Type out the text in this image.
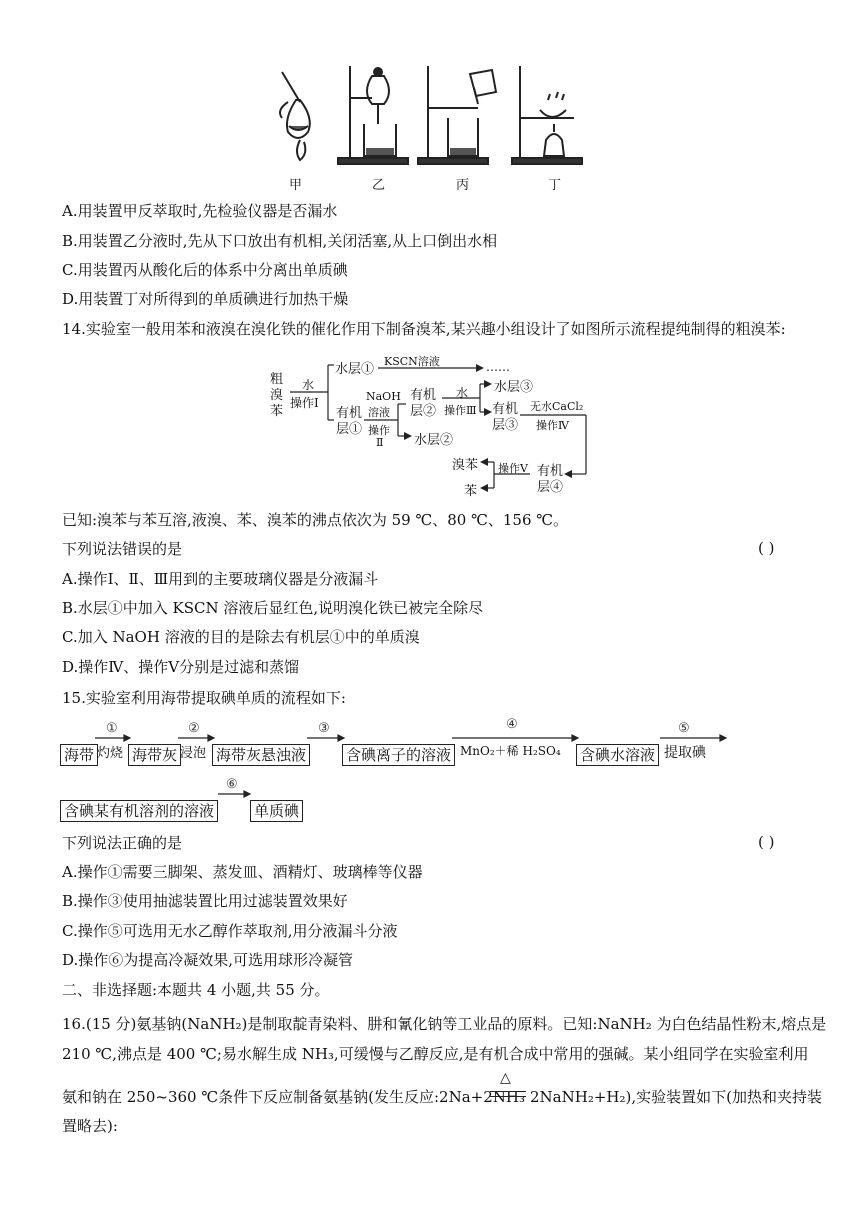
甲	乙	丙	丁
A.用装置甲反萃取时,先检验仪器是否漏水
B.用装置乙分液时,先从下口放出有机相,关闭活塞,从上口倒出水相
C.用装置丙从酸化后的体系中分离出单质碘
D.用装置丁对所得到的单质碘进行加热干燥
14.实验室一般用苯和液溴在溴化铁的催化作用下制备溴苯,某兴趣小组设计了如图所示流程提纯制得的粗溴苯:
粗
溴
苯
水
操作Ⅰ
水层①
KSCN溶液	……
有机
层①
NaOH
溶液
操作
Ⅱ
有机
层②
水层②
水
操作Ⅲ
水层③
有机
层③
无水CaCl₂
操作Ⅳ
有机
层④
操作Ⅴ
溴苯
苯
已知:溴苯与苯互溶,液溴、苯、溴苯的沸点依次为 59 ℃、80 ℃、156 ℃。
下列说法错误的是	( )
A.操作Ⅰ、Ⅱ、Ⅲ用到的主要玻璃仪器是分液漏斗
B.水层①中加入 KSCN 溶液后显红色,说明溴化铁已被完全除尽
C.加入 NaOH 溶液的目的是除去有机层①中的单质溴
D.操作Ⅳ、操作Ⅴ分别是过滤和蒸馏
15.实验室利用海带提取碘单质的流程如下:
海带
①
灼烧 海带灰
②
浸泡 海带灰悬浊液
③
含碘离子的溶液
④
MnO₂＋稀 H₂SO₄ 含碘水溶液
⑤
提取碘
含碘某有机溶剂的溶液
⑥
单质碘
下列说法正确的是	( )
A.操作①需要三脚架、蒸发皿、酒精灯、玻璃棒等仪器
B.操作③使用抽滤装置比用过滤装置效果好
C.操作⑤可选用无水乙醇作萃取剂,用分液漏斗分液
D.操作⑥为提高冷凝效果,可选用球形冷凝管
二、非选择题:本题共 4 小题,共 55 分。
16.(15 分)氨基钠(NaNH₂)是制取靛青染料、肼和氰化钠等工业品的原料。已知:NaNH₂ 为白色结晶性粉末,熔点是
210 ℃,沸点是 400 ℃;易水解生成 NH₃,可缓慢与乙醇反应,是有机合成中常用的强碱。某小组同学在实验室利用
氨和钠在 250~360 ℃条件下反应制备氨基钠(发生反应:2Na+2NH₃
△
2NaNH₂+H₂),实验装置如下(加热和夹持装
置略去):
